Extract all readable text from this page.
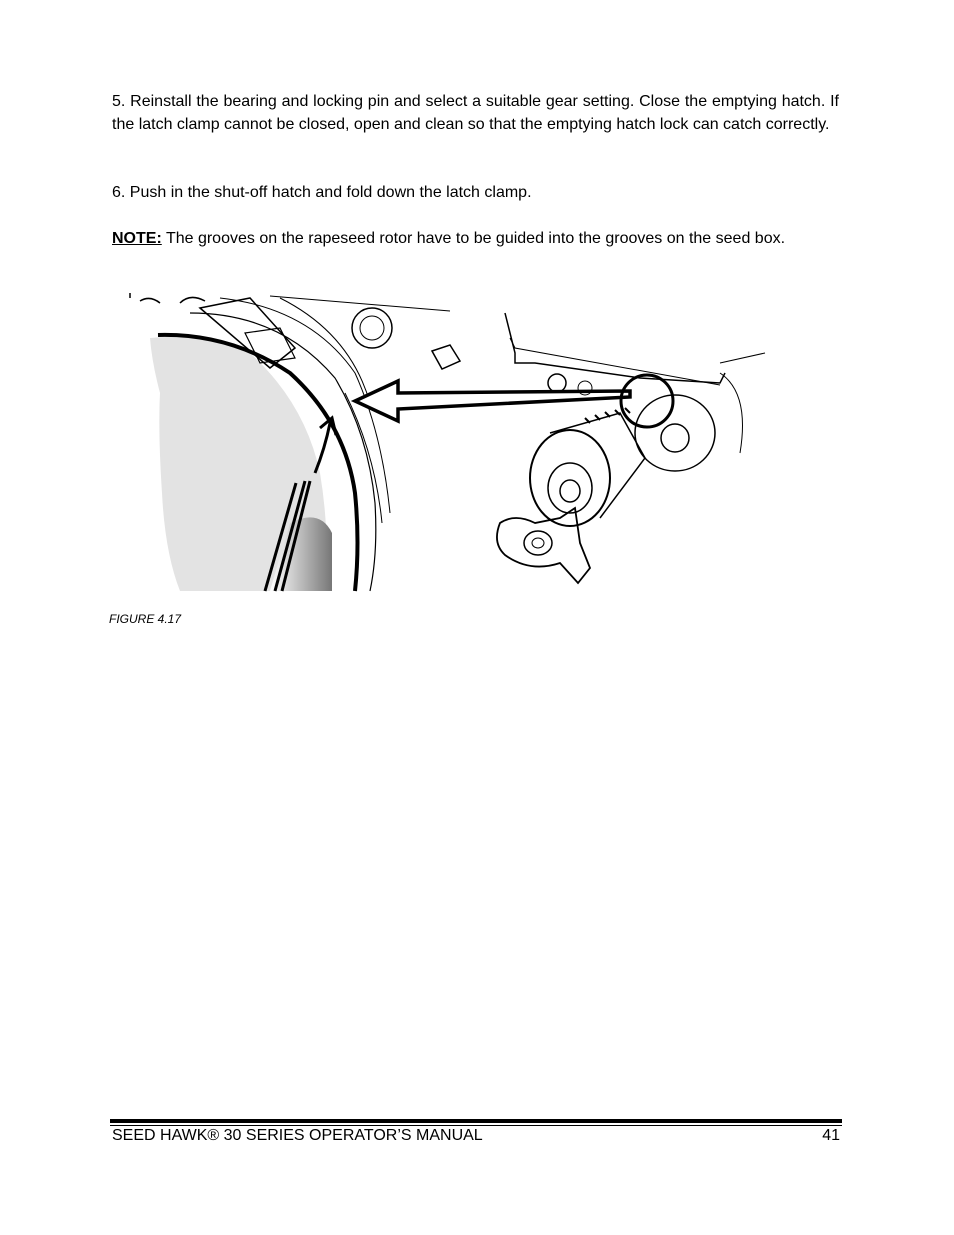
5. Reinstall the bearing and locking pin and select a suitable gear setting. Close the emptying hatch. If the latch clamp cannot be closed, open and clean so that the emptying hatch lock can catch correctly.

6. Push in the shut-off hatch and fold down the latch clamp.

NOTE: The grooves on the rapeseed rotor have to be guided into the grooves on the seed box.

FIGURE 4.17
SEED HAWK® 30 SERIES OPERATOR’S MANUAL	41
